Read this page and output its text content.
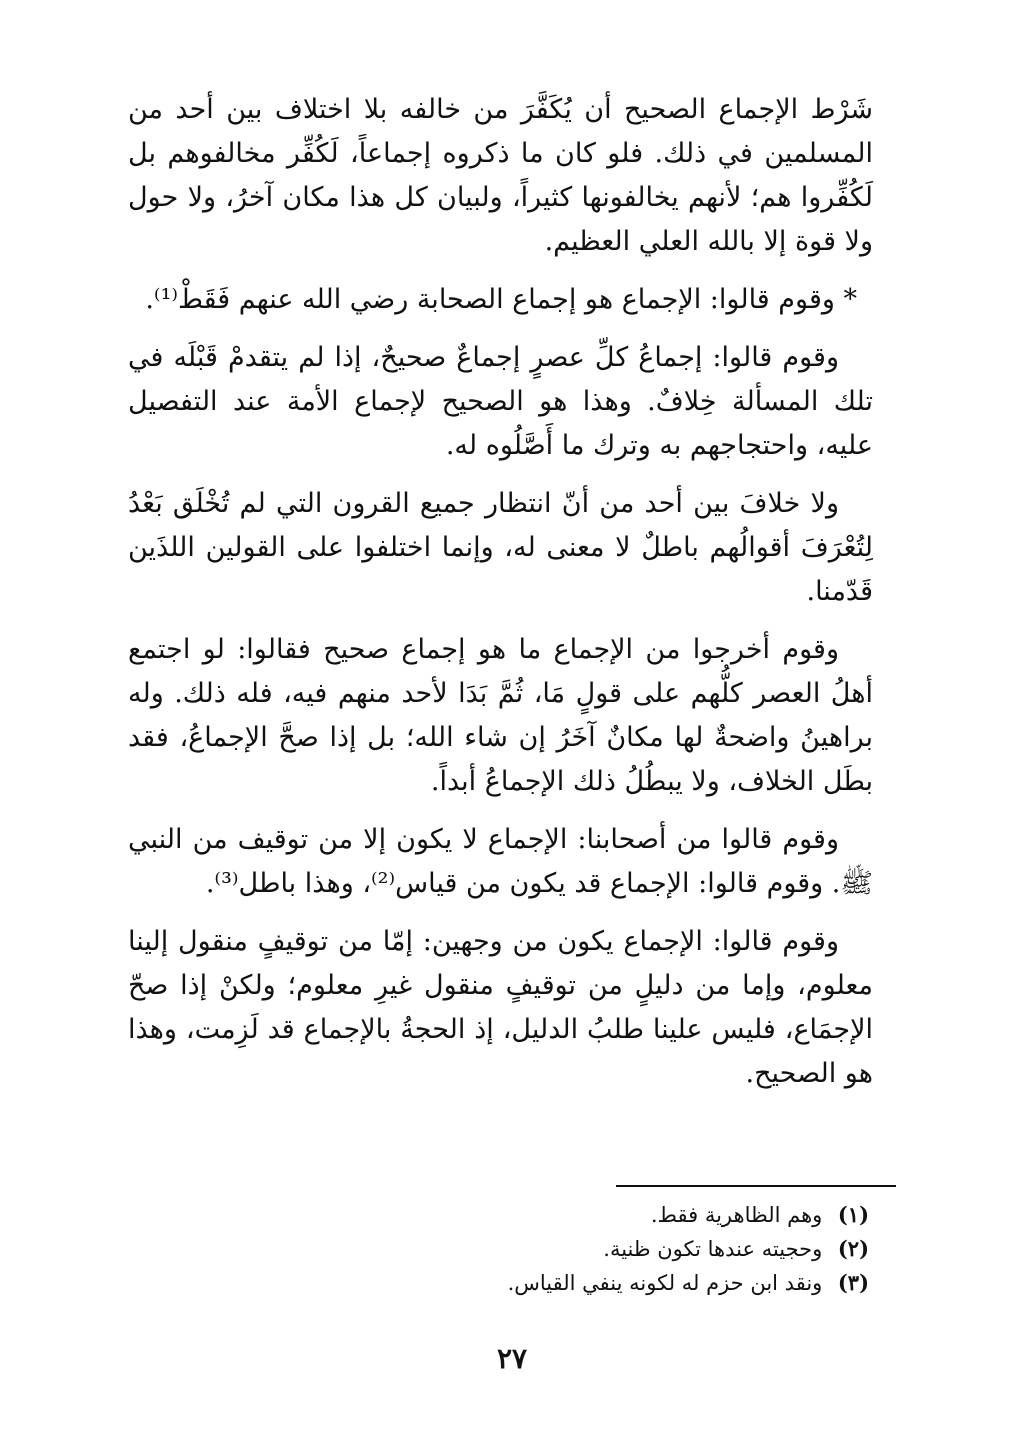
شَرْط الإجماع الصحيح أن يُكَفَّرَ من خالفه بلا اختلاف بين أحد من المسلمين في ذلك. فلو كان ما ذكروه إجماعاً، لَكُفِّر مخالفوهم بل لَكُفِّروا هم؛ لأنهم يخالفونها كثيراً، ولبيان كل هذا مكان آخرُ، ولا حول ولا قوة إلا بالله العلي العظيم.

* وقوم قالوا: الإجماع هو إجماع الصحابة رضي الله عنهم فَقَطْ⁽¹⁾.

وقوم قالوا: إجماعُ كلِّ عصرٍ إجماعٌ صحيحٌ، إذا لم يتقدمْ قَبْلَه في تلك المسألة خِلافٌ. وهذا هو الصحيح لإجماع الأمة عند التفصيل عليه، واحتجاجهم به وترك ما أَصَّلُوه له.

ولا خلافَ بين أحد من أنّ انتظار جميع القرون التي لم تُخْلَق بَعْدُ لِتُعْرَفَ أقوالُهم باطلٌ لا معنى له، وإنما اختلفوا على القولين اللذَين قَدّمنا.

وقوم أخرجوا من الإجماع ما هو إجماع صحيح فقالوا: لو اجتمع أهلُ العصر كلُّهم على قولٍ مَا، ثُمَّ بَدَا لأحد منهم فيه، فله ذلك. وله براهينُ واضحةٌ لها مكانٌ آخَرُ إن شاء الله؛ بل إذا صحَّ الإجماعُ، فقد بطَل الخلاف، ولا يبطُلُ ذلك الإجماعُ أبداً.

وقوم قالوا من أصحابنا: الإجماع لا يكون إلا من توقيف من النبي ﷺ. وقوم قالوا: الإجماع قد يكون من قياس⁽²⁾، وهذا باطل⁽³⁾.

وقوم قالوا: الإجماع يكون من وجهين: إمّا من توقيفٍ منقول إلينا معلوم، وإما من دليلٍ من توقيفٍ منقول غيرِ معلوم؛ ولكنْ إذا صحّ الإجمَاع، فليس علينا طلبُ الدليل، إذ الحجةُ بالإجماع قد لَزِمت، وهذا هو الصحيح.

(١) وهم الظاهرية فقط.
(٢) وحجيته عندها تكون ظنية.
(٣) ونقد ابن حزم له لكونه ينفي القياس.
٢٧
